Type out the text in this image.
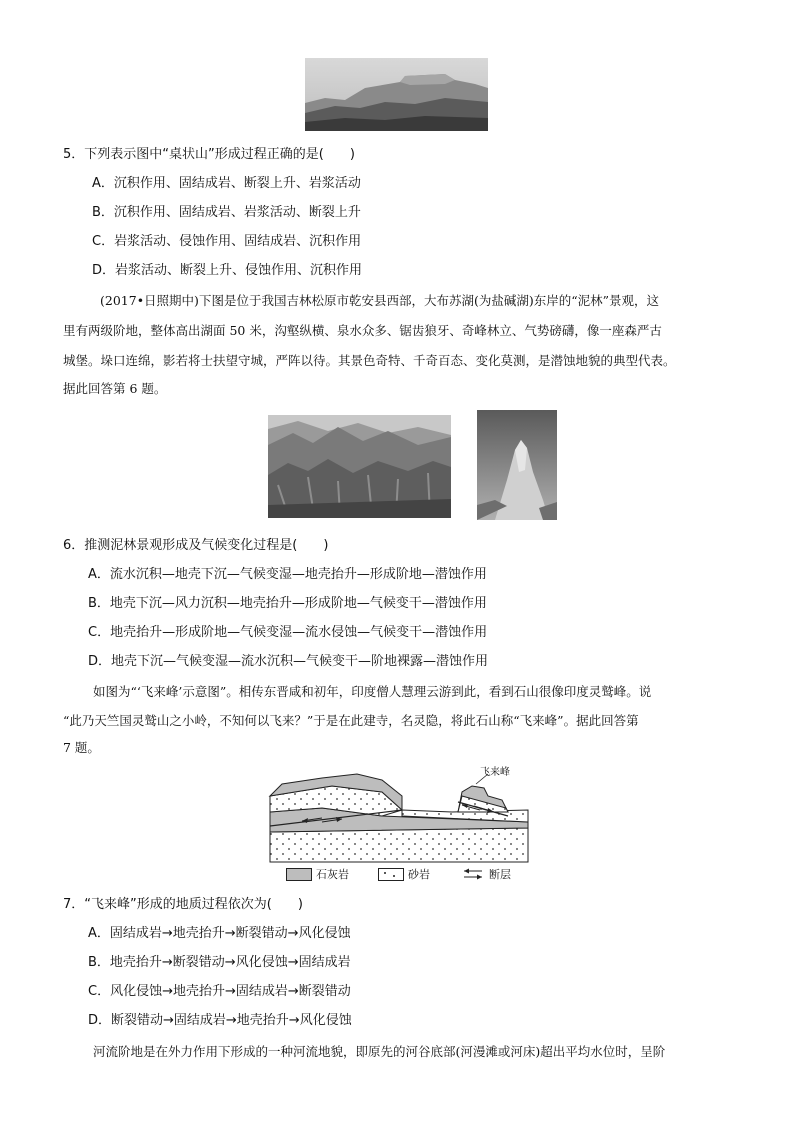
5．下列表示图中“桌状山”形成过程正确的是(　　)
A．沉积作用、固结成岩、断裂上升、岩浆活动
B．沉积作用、固结成岩、岩浆活动、断裂上升
C．岩浆活动、侵蚀作用、固结成岩、沉积作用
D．岩浆活动、断裂上升、侵蚀作用、沉积作用
(2017•日照期中)下图是位于我国吉林松原市乾安县西部，大布苏湖(为盐碱湖)东岸的“泥林”景观，这
里有两级阶地，整体高出湖面 50 米，沟壑纵横、泉水众多、锯齿狼牙、奇峰林立、气势磅礴，像一座森严古
城堡。垛口连绵，影若将士扶望守城，严阵以待。其景色奇特、千奇百态、变化莫测，是潜蚀地貌的典型代表。
据此回答第 6 题。
6．推测泥林景观形成及气候变化过程是(　　)
A．流水沉积—地壳下沉—气候变湿—地壳抬升—形成阶地—潜蚀作用
B．地壳下沉—风力沉积—地壳抬升—形成阶地—气候变干—潜蚀作用
C．地壳抬升—形成阶地—气候变湿—流水侵蚀—气候变干—潜蚀作用
D．地壳下沉—气候变湿—流水沉积—气候变干—阶地裸露—潜蚀作用
如图为“‘飞来峰’示意图”。相传东晋咸和初年，印度僧人慧理云游到此，看到石山很像印度灵鹫峰。说
“此乃天竺国灵鹫山之小岭，不知何以飞来？”于是在此建寺，名灵隐，将此石山称“飞来峰”。据此回答第
7 题。
飞来峰
石灰岩	砂岩	断层
7．“飞来峰”形成的地质过程依次为(　　)
A．固结成岩→地壳抬升→断裂错动→风化侵蚀
B．地壳抬升→断裂错动→风化侵蚀→固结成岩
C．风化侵蚀→地壳抬升→固结成岩→断裂错动
D．断裂错动→固结成岩→地壳抬升→风化侵蚀
河流阶地是在外力作用下形成的一种河流地貌，即原先的河谷底部(河漫滩或河床)超出平均水位时，呈阶
